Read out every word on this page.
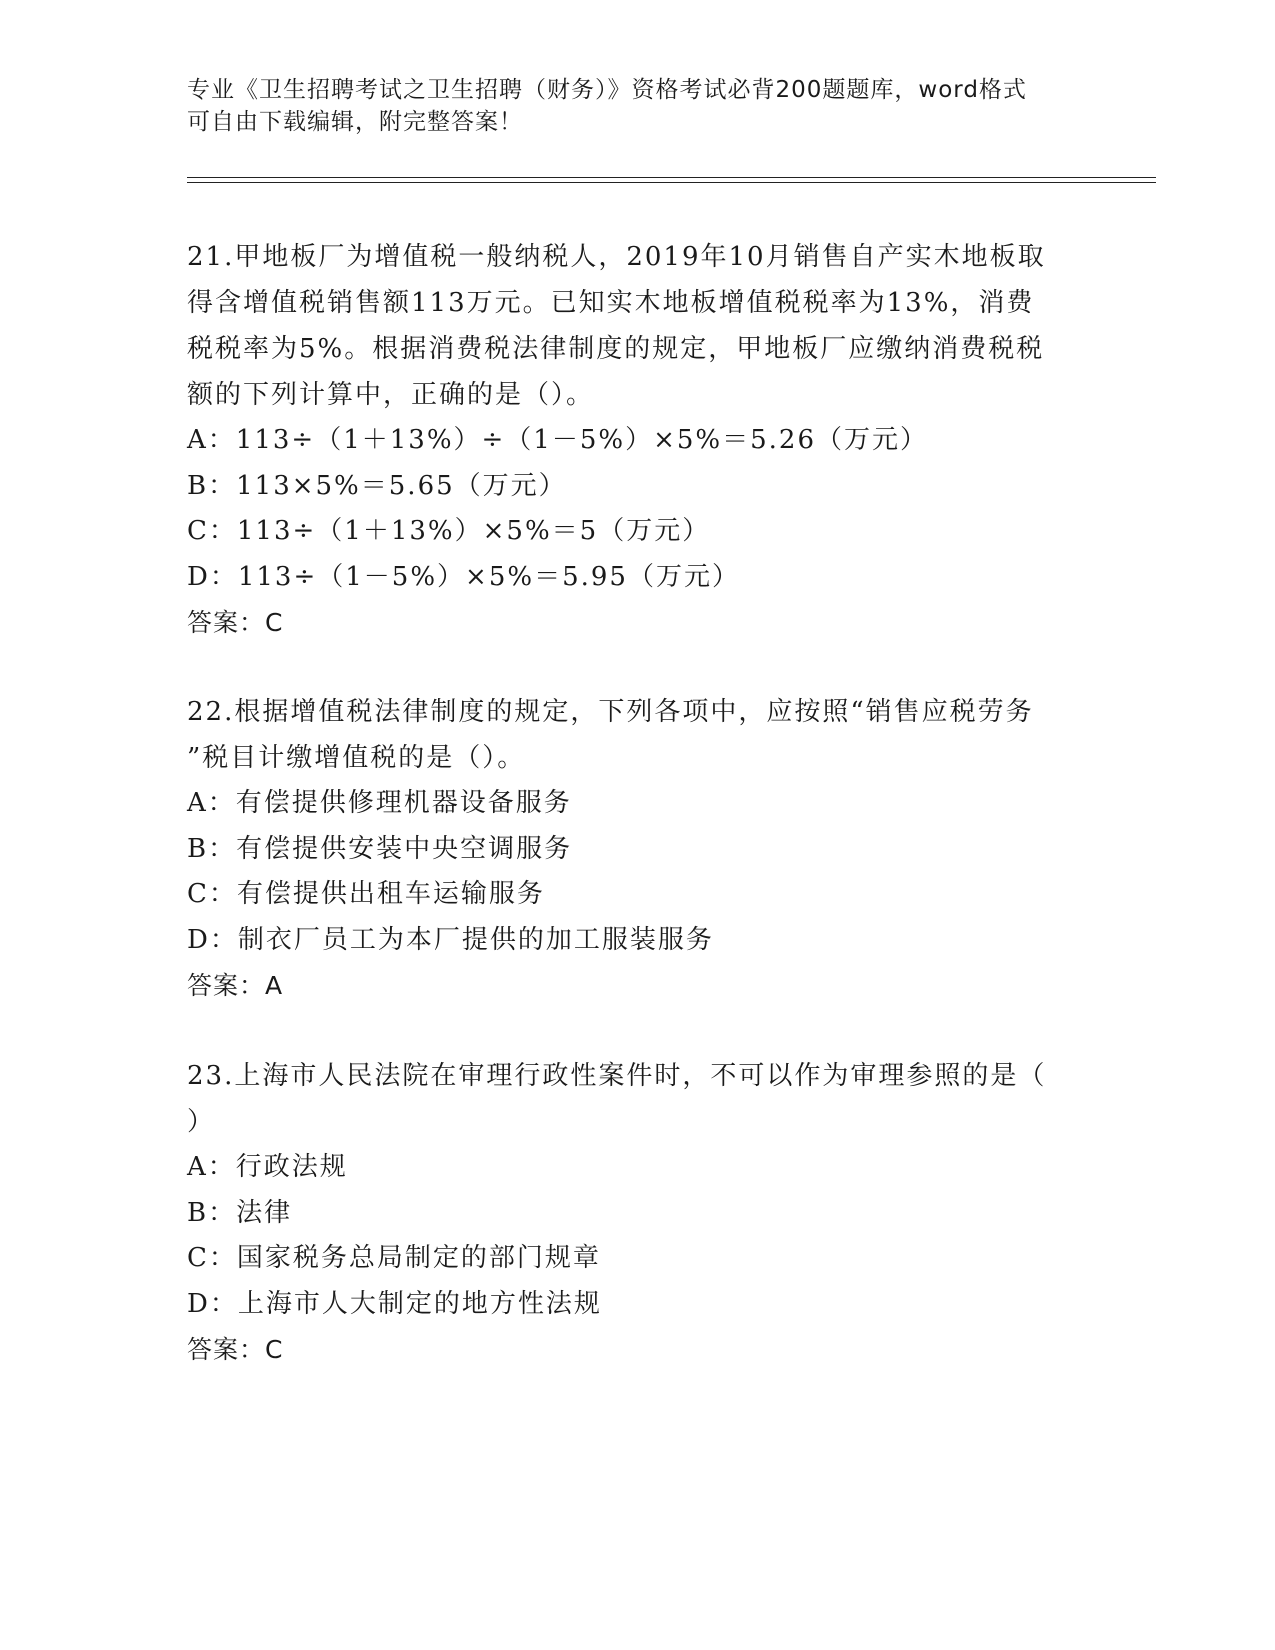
专业《卫生招聘考试之卫生招聘（财务）》资格考试必背200题题库，word格式
可自由下载编辑，附完整答案！

21.甲地板厂为增值税一般纳税人，2019年10月销售自产实木地板取

得含增值税销售额113万元。已知实木地板增值税税率为13%，消费

税税率为5%。根据消费税法律制度的规定，甲地板厂应缴纳消费税税

额的下列计算中，正确的是（）。

A：113÷（1＋13%）÷（1－5%）×5%＝5.26（万元）

B：113×5%＝5.65（万元）

C：113÷（1＋13%）×5%＝5（万元）

D：113÷（1－5%）×5%＝5.95（万元）

答案：C

22.根据增值税法律制度的规定，下列各项中，应按照“销售应税劳务

”税目计缴增值税的是（）。

A：有偿提供修理机器设备服务

B：有偿提供安装中央空调服务

C：有偿提供出租车运输服务

D：制衣厂员工为本厂提供的加工服装服务

答案：A

23.上海市人民法院在审理行政性案件时，不可以作为审理参照的是（

）

A：行政法规

B：法律

C：国家税务总局制定的部门规章

D：上海市人大制定的地方性法规

答案：C
